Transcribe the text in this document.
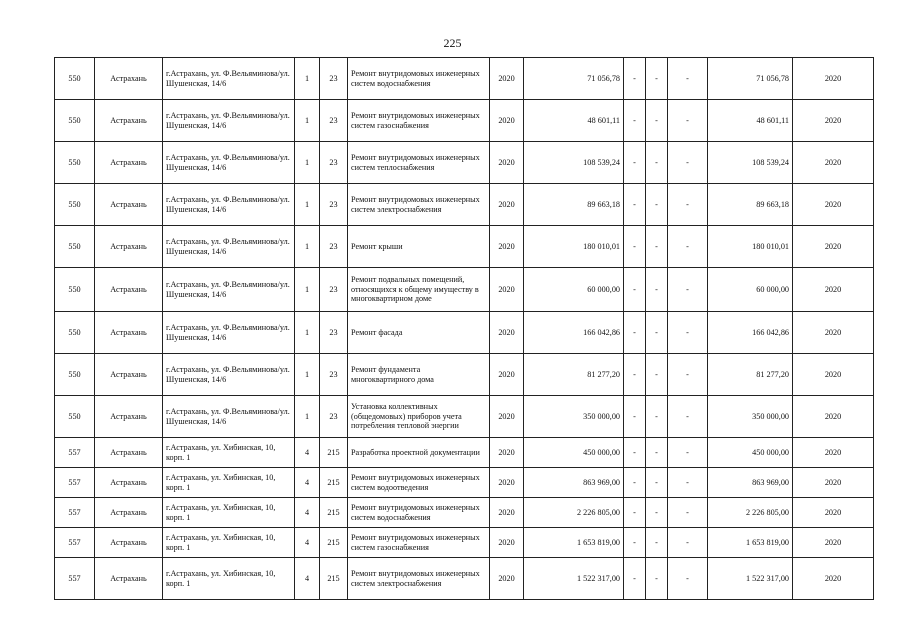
225
550	Астрахань	г.Астрахань, ул. Ф.Вельяминова/ул. Шушенская, 14/6	1	23	Ремонт внутридомовых инженерных систем водоснабжения	2020	71 056,78	-	-	-	71 056,78	2020
550	Астрахань	г.Астрахань, ул. Ф.Вельяминова/ул. Шушенская, 14/6	1	23	Ремонт внутридомовых инженерных систем газоснабжения	2020	48 601,11	-	-	-	48 601,11	2020
550	Астрахань	г.Астрахань, ул. Ф.Вельяминова/ул. Шушенская, 14/6	1	23	Ремонт внутридомовых инженерных систем теплоснабжения	2020	108 539,24	-	-	-	108 539,24	2020
550	Астрахань	г.Астрахань, ул. Ф.Вельяминова/ул. Шушенская, 14/6	1	23	Ремонт внутридомовых инженерных систем электроснабжения	2020	89 663,18	-	-	-	89 663,18	2020
550	Астрахань	г.Астрахань, ул. Ф.Вельяминова/ул. Шушенская, 14/6	1	23	Ремонт крыши	2020	180 010,01	-	-	-	180 010,01	2020
550	Астрахань	г.Астрахань, ул. Ф.Вельяминова/ул. Шушенская, 14/6	1	23	Ремонт подвальных помещений, относящихся к общему имуществу в многоквартирном доме	2020	60 000,00	-	-	-	60 000,00	2020
550	Астрахань	г.Астрахань, ул. Ф.Вельяминова/ул. Шушенская, 14/6	1	23	Ремонт фасада	2020	166 042,86	-	-	-	166 042,86	2020
550	Астрахань	г.Астрахань, ул. Ф.Вельяминова/ул. Шушенская, 14/6	1	23	Ремонт фундамента многоквартирного дома	2020	81 277,20	-	-	-	81 277,20	2020
550	Астрахань	г.Астрахань, ул. Ф.Вельяминова/ул. Шушенская, 14/6	1	23	Установка коллективных (общедомовых) приборов учета потребления тепловой энергии	2020	350 000,00	-	-	-	350 000,00	2020
557	Астрахань	г.Астрахань, ул. Хибинская, 10, корп. 1	4	215	Разработка проектной документации	2020	450 000,00	-	-	-	450 000,00	2020
557	Астрахань	г.Астрахань, ул. Хибинская, 10, корп. 1	4	215	Ремонт внутридомовых инженерных систем водоотведения	2020	863 969,00	-	-	-	863 969,00	2020
557	Астрахань	г.Астрахань, ул. Хибинская, 10, корп. 1	4	215	Ремонт внутридомовых инженерных систем водоснабжения	2020	2 226 805,00	-	-	-	2 226 805,00	2020
557	Астрахань	г.Астрахань, ул. Хибинская, 10, корп. 1	4	215	Ремонт внутридомовых инженерных систем газоснабжения	2020	1 653 819,00	-	-	-	1 653 819,00	2020
557	Астрахань	г.Астрахань, ул. Хибинская, 10, корп. 1	4	215	Ремонт внутридомовых инженерных систем электроснабжения	2020	1 522 317,00	-	-	-	1 522 317,00	2020
